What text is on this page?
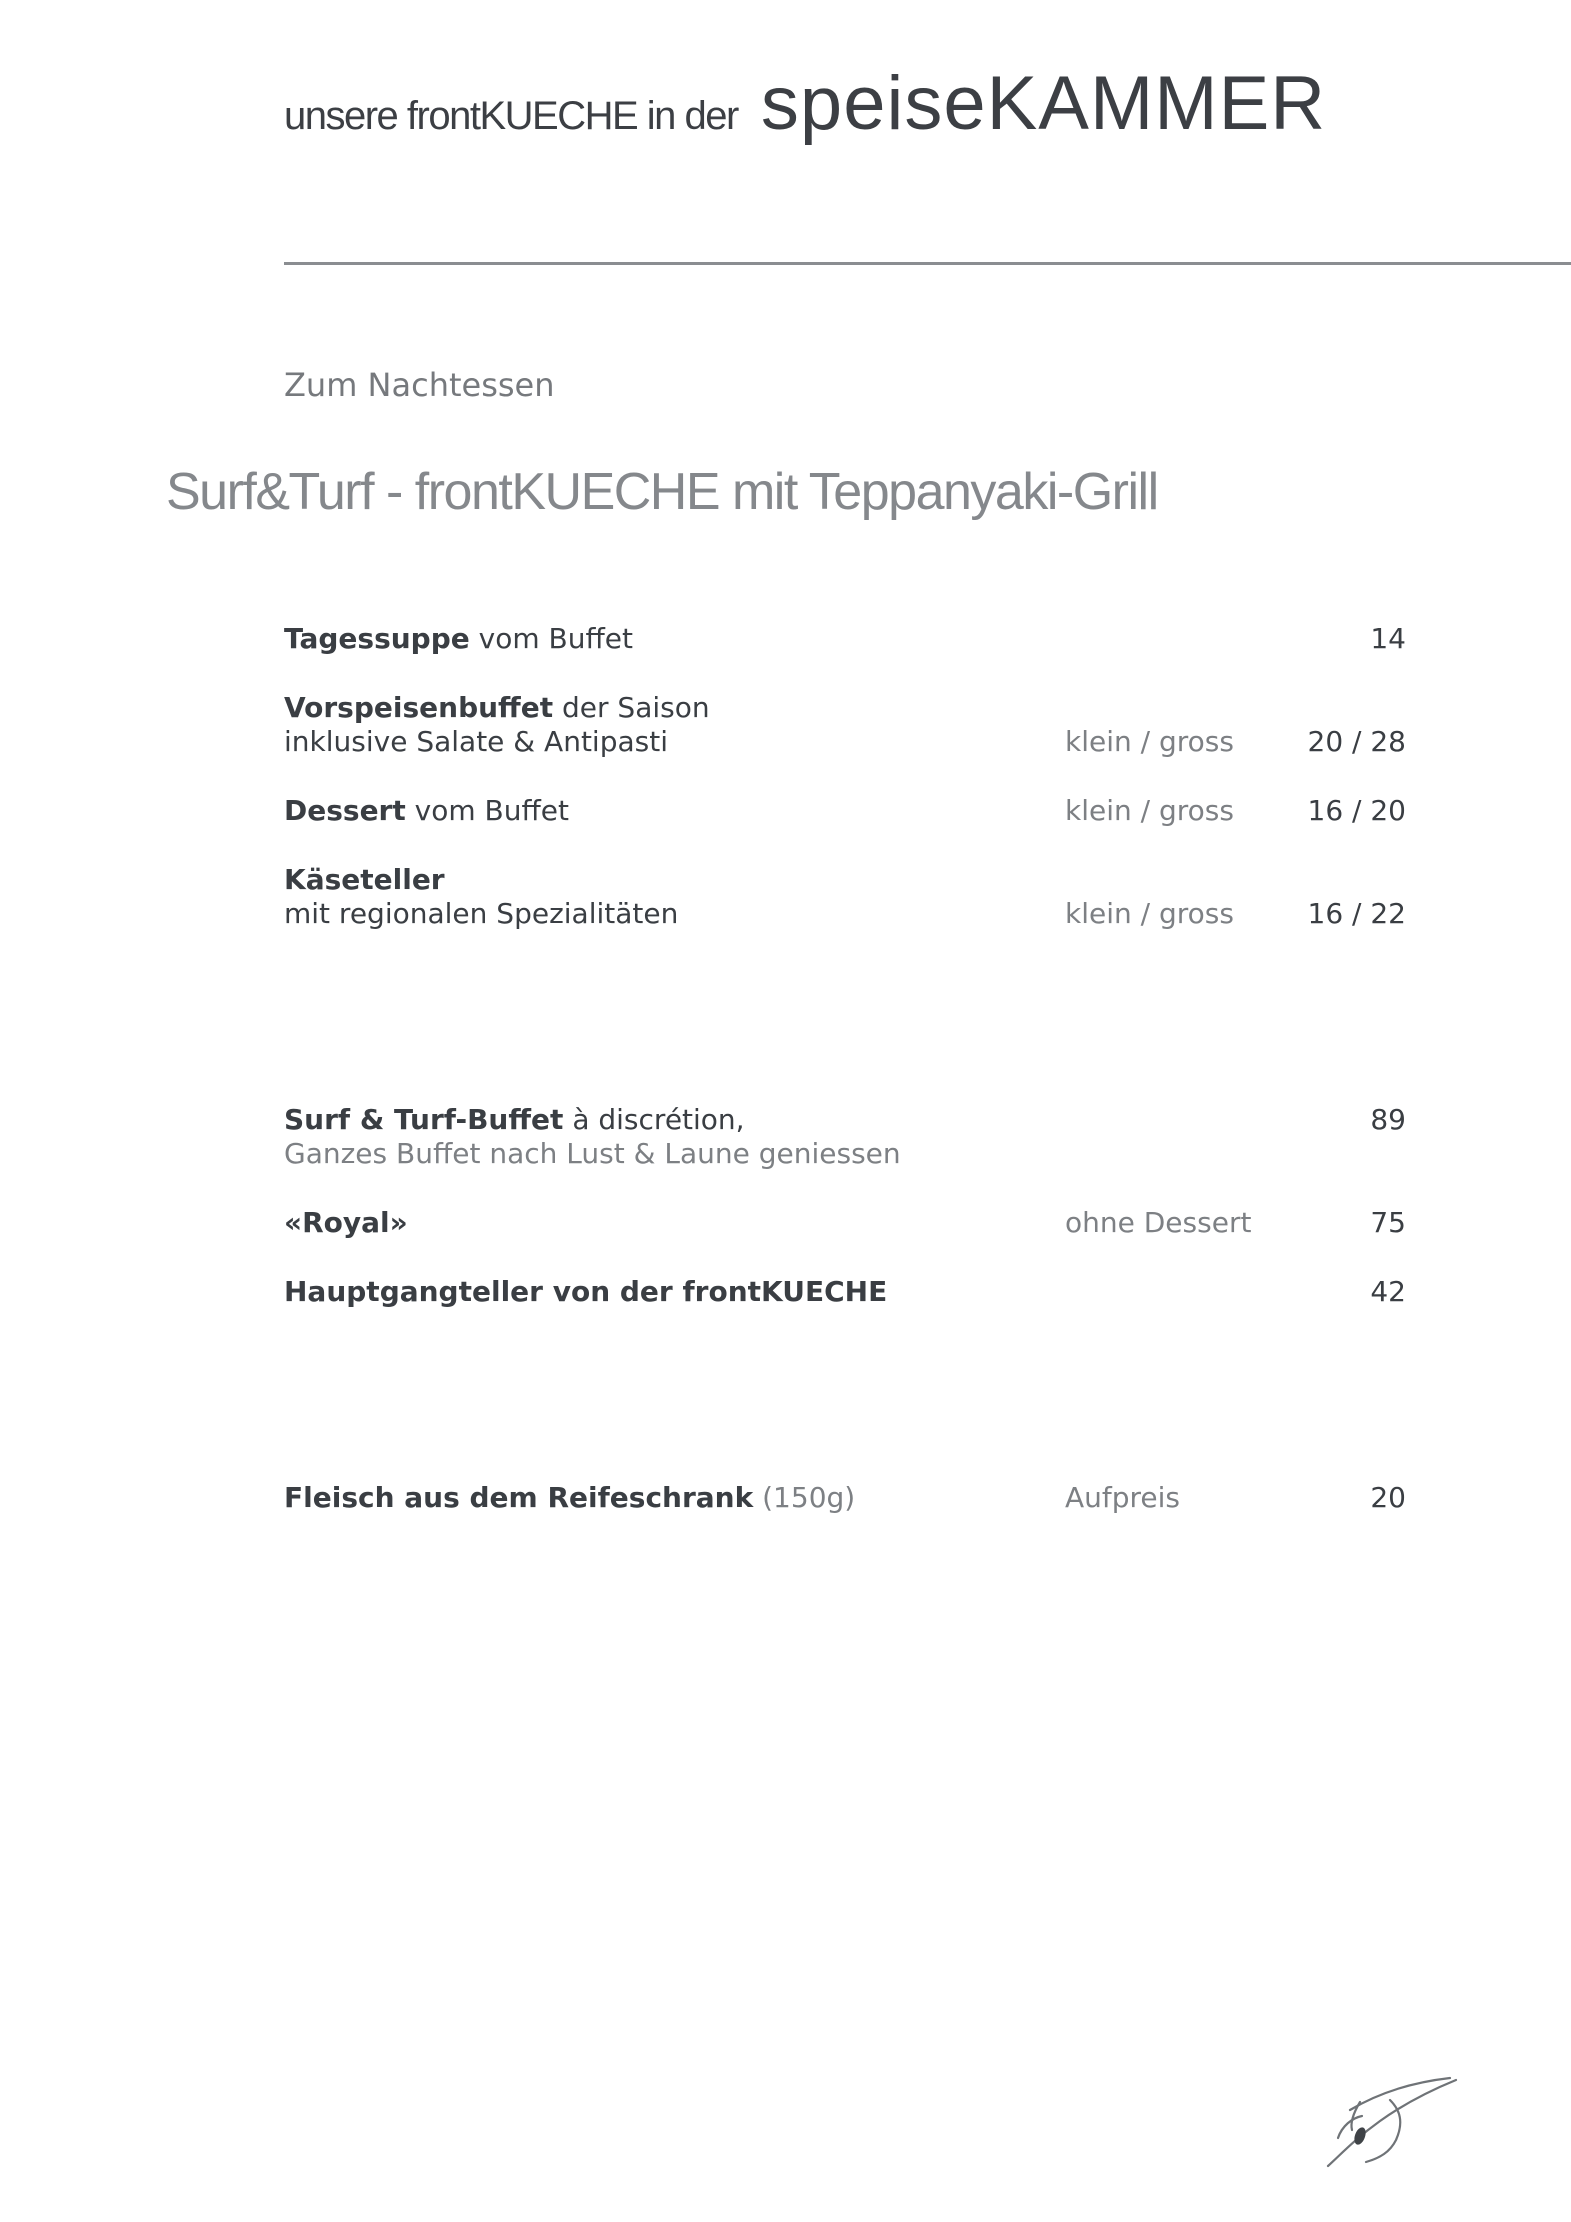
unsere frontKUECHE in der speiseKAMMER
Zum Nachtessen
Surf&Turf - frontKUECHE mit Teppanyaki-Grill
Tagessuppe vom Buffet	14
Vorspeisenbuffet der Saison
inklusive Salate & Antipasti	klein / gross	20 / 28
Dessert vom Buffet	klein / gross	16 / 20
Käseteller
mit regionalen Spezialitäten	klein / gross	16 / 22
Surf & Turf-Buffet à discrétion,	89
Ganzes Buffet nach Lust & Laune geniessen
«Royal»	ohne Dessert	75
Hauptgangteller von der frontKUECHE	42
Fleisch aus dem Reifeschrank (150g)	Aufpreis	20
